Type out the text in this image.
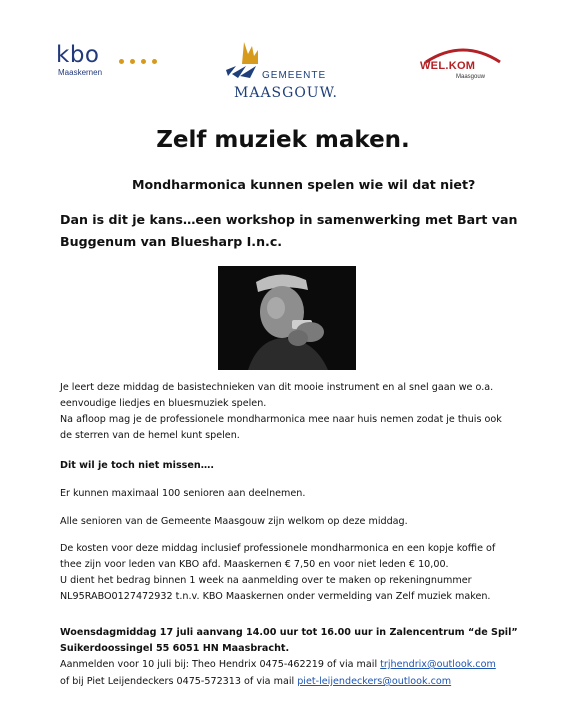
kbo
Maaskernen	GEMEENTE
MAASGOUW.
WEL.KOM
Maasgouw
Zelf muziek maken.

Mondharmonica kunnen spelen wie wil dat niet?

Dan is dit je kans…een workshop in samenwerking met Bart van Buggenum van Bluesharp I.n.c.

Je leert deze middag de basistechnieken van dit mooie instrument en al snel gaan we o.a.

eenvoudige liedjes en bluesmuziek spelen.

Na afloop mag je de professionele mondharmonica mee naar huis nemen zodat je thuis ook

de sterren van de hemel kunt spelen.

Dit wil je toch niet missen….

Er kunnen maximaal 100 senioren aan deelnemen.

Alle senioren van de Gemeente Maasgouw zijn welkom op deze middag.

De kosten voor deze middag inclusief professionele mondharmonica en een kopje koffie of

thee zijn voor leden van KBO afd. Maaskernen € 7,50 en voor niet leden € 10,00.

U dient het bedrag binnen 1 week na aanmelding over te maken op rekeningnummer

NL95RABO0127472932 t.n.v. KBO Maaskernen onder vermelding van Zelf muziek maken.

Woensdagmiddag 17 juli aanvang 14.00 uur tot 16.00 uur in Zalencentrum “de Spil”

Suikerdoossingel 55 6051 HN Maasbracht.

Aanmelden voor 10 juli bij: Theo Hendrix 0475-462219 of via mail trjhendrix@outlook.com

of bij Piet Leijendeckers 0475-572313 of via mail piet-leijendeckers@outlook.com
